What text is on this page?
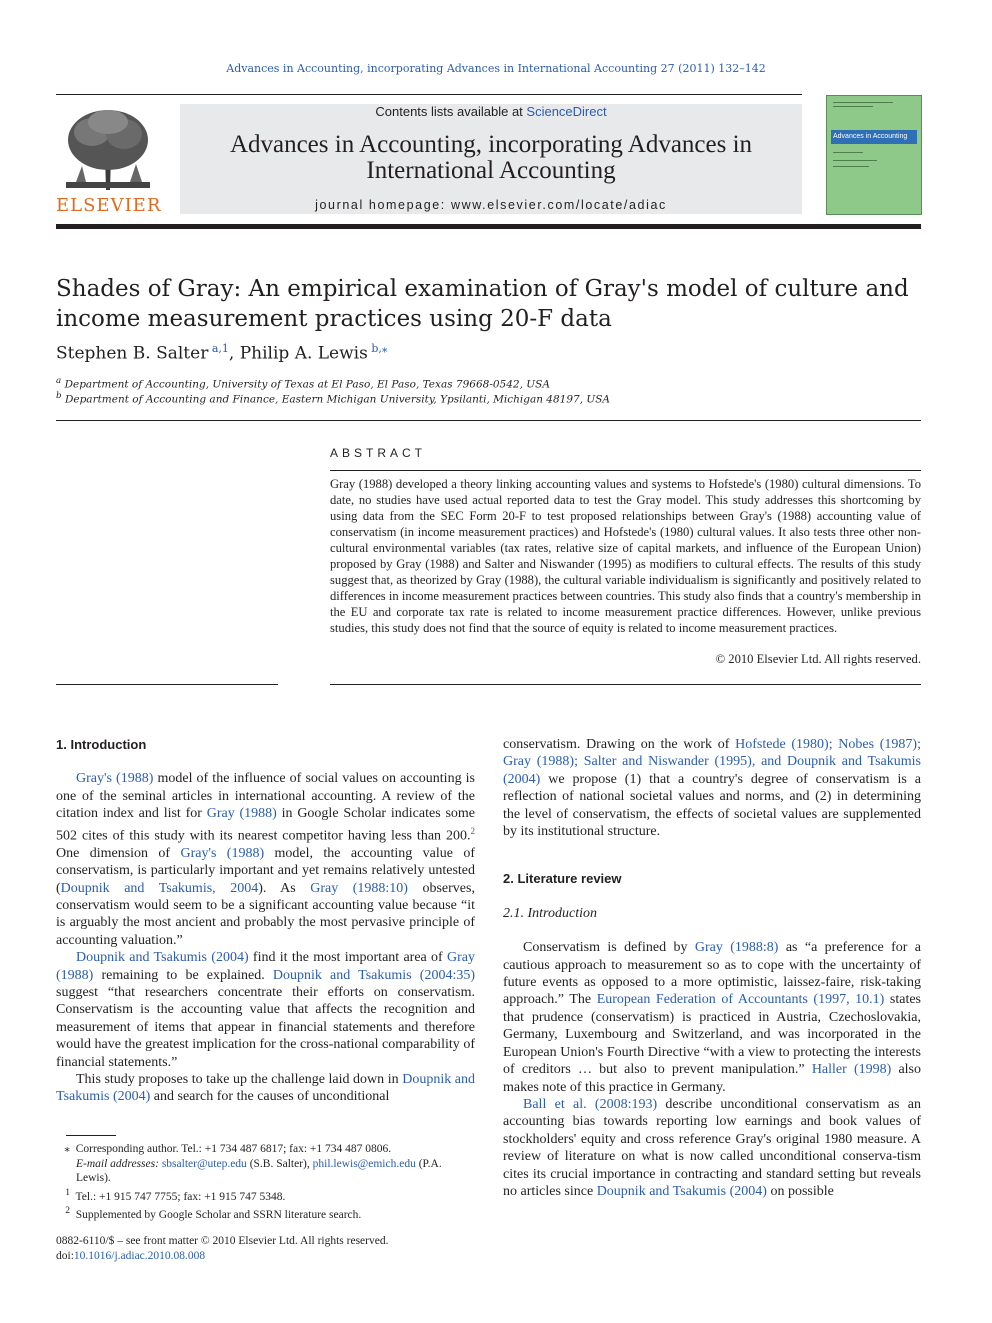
Advances in Accounting, incorporating Advances in International Accounting 27 (2011) 132–142
ELSEVIER
Contents lists available at ScienceDirect
Advances in Accounting, incorporating Advances in
International Accounting
journal homepage: www.elsevier.com/locate/adiac
Advances in Accounting
Shades of Gray: An empirical examination of Gray's model of culture and income measurement practices using 20-F data
Stephen B. Salter $^{a,1}$, Philip A. Lewis $^{b,⁎}$
$^a$ Department of Accounting, University of Texas at El Paso, El Paso, Texas 79668-0542, USA
$^b$ Department of Accounting and Finance, Eastern Michigan University, Ypsilanti, Michigan 48197, USA
ABSTRACT
Gray (1988) developed a theory linking accounting values and systems to Hofstede's (1980) cultural dimensions. To date, no studies have used actual reported data to test the Gray model. This study addresses this shortcoming by using data from the SEC Form 20-F to test proposed relationships between Gray's (1988) accounting value of conservatism (in income measurement practices) and Hofstede's (1980) cultural values. It also tests three other non-cultural environmental variables (tax rates, relative size of capital markets, and influence of the European Union) proposed by Gray (1988) and Salter and Niswander (1995) as modifiers to cultural effects. The results of this study suggest that, as theorized by Gray (1988), the cultural variable individualism is significantly and positively related to differences in income measurement practices between countries. This study also finds that a country's membership in the EU and corporate tax rate is related to income measurement practice differences. However, unlike previous studies, this study does not find that the source of equity is related to income measurement practices.
© 2010 Elsevier Ltd. All rights reserved.
1. Introduction

Gray's (1988) model of the influence of social values on accounting is one of the seminal articles in international accounting. A review of the citation index and list for Gray (1988) in Google Scholar indicates some 502 cites of this study with its nearest competitor having less than 200.$^2$ One dimension of Gray's (1988) model, the accounting value of conservatism, is particularly important and yet remains relatively untested (Doupnik and Tsakumis, 2004). As Gray (1988:10) observes, conservatism would seem to be a significant accounting value because “it is arguably the most ancient and probably the most pervasive principle of accounting valuation.”

Doupnik and Tsakumis (2004) find it the most important area of Gray (1988) remaining to be explained. Doupnik and Tsakumis (2004:35) suggest “that researchers concentrate their efforts on conservatism. Conservatism is the accounting value that affects the recognition and measurement of items that appear in financial statements and therefore would have the greatest implication for the cross-national comparability of financial statements.”

This study proposes to take up the challenge laid down in Doupnik and Tsakumis (2004) and search for the causes of unconditional

⁎ Corresponding author. Tel.: +1 734 487 6817; fax: +1 734 487 0806.
E-mail addresses: sbsalter@utep.edu (S.B. Salter), phil.lewis@emich.edu (P.A. Lewis).
$^1$ Tel.: +1 915 747 7755; fax: +1 915 747 5348.
$^2$ Supplemented by Google Scholar and SSRN literature search.
0882-6110/$ – see front matter © 2010 Elsevier Ltd. All rights reserved.
doi:10.1016/j.adiac.2010.08.008

conservatism. Drawing on the work of Hofstede (1980); Nobes (1987); Gray (1988); Salter and Niswander (1995), and Doupnik and Tsakumis (2004) we propose (1) that a country's degree of conservatism is a reflection of national societal values and norms, and (2) in determining the level of conservatism, the effects of societal values are supplemented by its institutional structure.

2. Literature review
2.1. Introduction

Conservatism is defined by Gray (1988:8) as “a preference for a cautious approach to measurement so as to cope with the uncertainty of future events as opposed to a more optimistic, laissez-faire, risk-taking approach.” The European Federation of Accountants (1997, 10.1) states that prudence (conservatism) is practiced in Austria, Czechoslovakia, Germany, Luxembourg and Switzerland, and was incorporated in the European Union's Fourth Directive “with a view to protecting the interests of creditors … but also to prevent manipulation.” Haller (1998) also makes note of this practice in Germany.

Ball et al. (2008:193) describe unconditional conservatism as an accounting bias towards reporting low earnings and book values of stockholders' equity and cross reference Gray's original 1980 measure. A review of literature on what is now called unconditional conserva-tism cites its crucial importance in contracting and standard setting but reveals no articles since Doupnik and Tsakumis (2004) on possible
